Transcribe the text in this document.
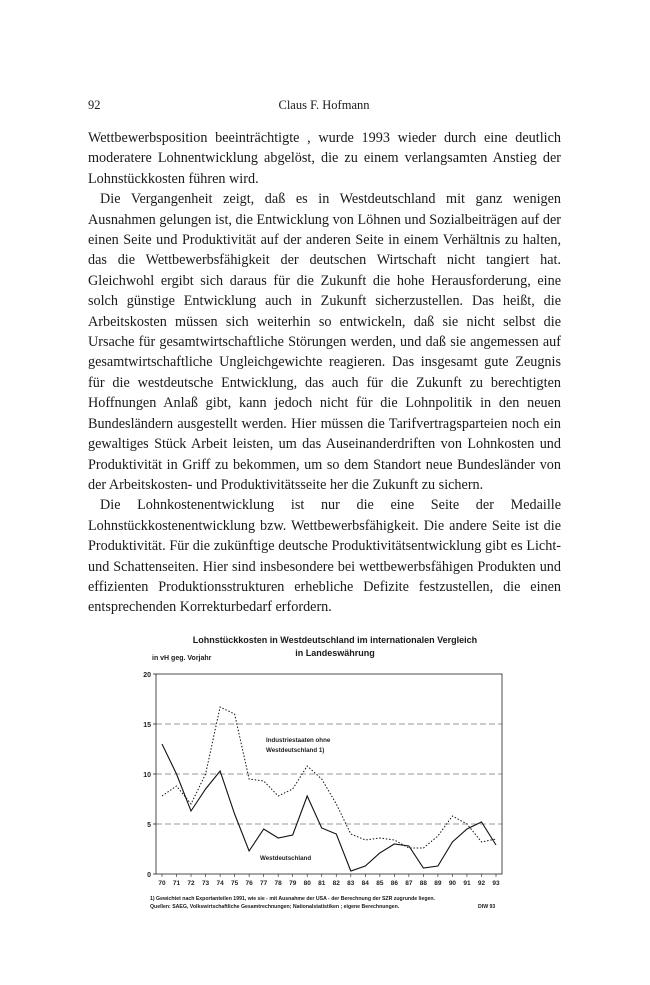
92	Claus F. Hofmann

Wettbewerbsposition beeinträchtigte , wurde 1993 wieder durch eine deutlich moderatere Lohnentwicklung abgelöst, die zu einem verlangsamten Anstieg der Lohnstückkosten führen wird.

Die Vergangenheit zeigt, daß es in Westdeutschland mit ganz wenigen Ausnahmen gelungen ist, die Entwicklung von Löhnen und Sozialbeiträgen auf der einen Seite und Produktivität auf der anderen Seite in einem Verhältnis zu halten, das die Wettbewerbsfähigkeit der deutschen Wirtschaft nicht tangiert hat. Gleichwohl ergibt sich daraus für die Zukunft die hohe Herausforderung, eine solch günstige Entwicklung auch in Zukunft sicherzustellen. Das heißt, die Arbeitskosten müssen sich weiterhin so entwickeln, daß sie nicht selbst die Ursache für gesamtwirtschaftliche Störungen werden, und daß sie angemessen auf gesamtwirtschaftliche Ungleichgewichte reagieren. Das insgesamt gute Zeugnis für die westdeutsche Entwicklung, das auch für die Zukunft zu berechtigten Hoffnungen Anlaß gibt, kann jedoch nicht für die Lohnpolitik in den neuen Bundesländern ausgestellt werden. Hier müssen die Tarifvertragsparteien noch ein gewaltiges Stück Arbeit leisten, um das Auseinanderdriften von Lohnkosten und Produktivität in Griff zu bekommen, um so dem Standort neue Bundesländer von der Arbeitskosten- und Produktivitätsseite her die Zukunft zu sichern.

Die Lohnkostenentwicklung ist nur die eine Seite der Medaille Lohnstückkostenentwicklung bzw. Wettbewerbsfähigkeit. Die andere Seite ist die Produktivität. Für die zukünftige deutsche Produktivitätsentwicklung gibt es Licht- und Schattenseiten. Hier sind insbesondere bei wettbewerbsfähigen Produkten und effizienten Produktionsstrukturen erhebliche Defizite festzustellen, die einen entsprechenden Korrekturbedarf erfordern.

Lohnstückkosten in Westdeutschland im internationalen Vergleich
in Landeswährung
in vH geg. Vorjahr
0
5
10
15
20
70 71 72 73 74 75 76 77 78 79 80 81 82 83 84 85 86 87 88 89 90 91 92 93
Industriestaaten ohne Westdeutschland 1)
Westdeutschland
1) Gewichtet nach Exportanteilen 1991, wie sie - mit Ausnahme der USA - der Berechnung der SZR zugrunde liegen.
Quellen: SAEG, Volkswirtschaftliche Gesamtrechnungen; Nationalstatistiken ; eigene Berechnungen.	DIW 93
